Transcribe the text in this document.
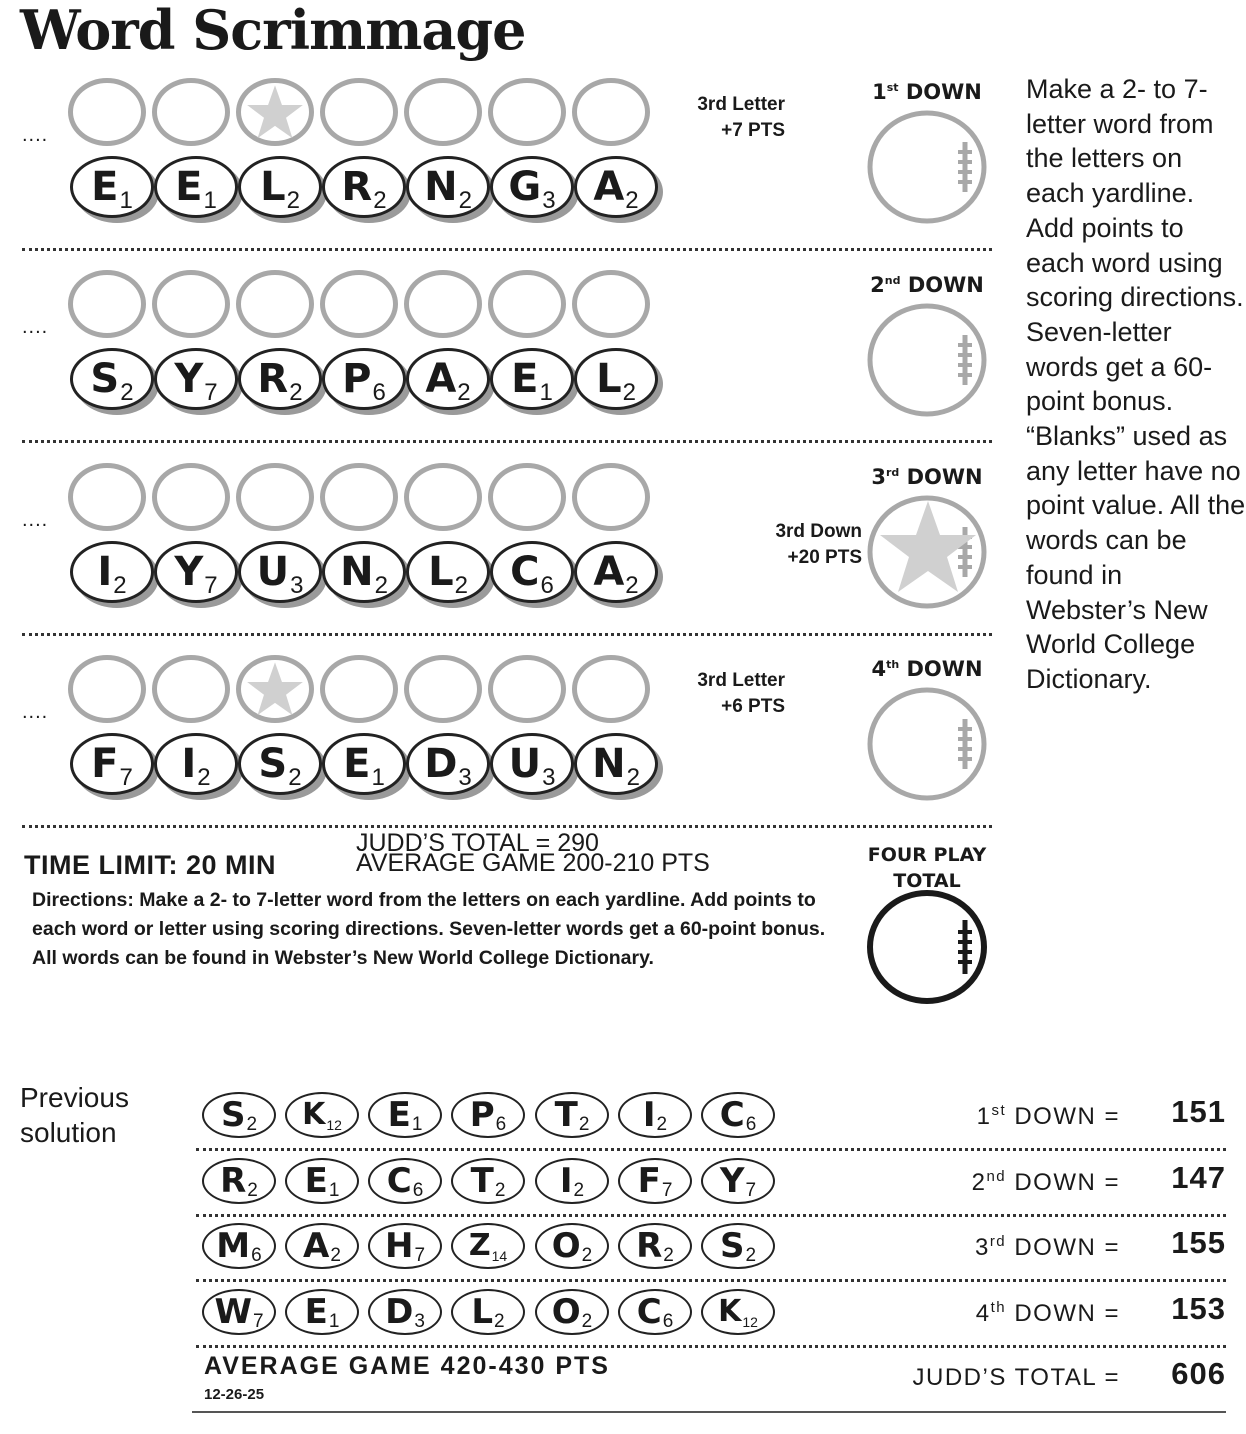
Word Scrimmage
....
E 1 E 1 L 2 R 2 N 2 G 3 A 2
3rd Letter
+7 PTS
1st DOWN
....
S 2 Y 7 R 2 P 6 A 2 E 1 L 2
2nd DOWN
....
I 2 Y 7 U 3 N 2 L 2 C 6 A 2
3rd Down
+20 PTS
3rd DOWN
....
F 7 I 2 S 2 E 1 D 3 U 3 N 2
3rd Letter
+6 PTS
4th DOWN
Make a 2- to 7-letter word from the letters on each yardline. Add points to each word using scoring directions. Seven-letter words get a 60-point bonus. “Blanks” used as any letter have no point value. All the words can be found in Webster’s New World College Dictionary.
TIME LIMIT: 20 MIN
JUDD’S TOTAL = 290
AVERAGE GAME 200-210 PTS
Directions: Make a 2- to 7-letter word from the letters on each yardline. Add points to each word or letter using scoring directions. Seven-letter words get a 60-point bonus. All words can be found in Webster’s New World College Dictionary.
FOUR PLAY
TOTAL
Previous
solution	S 2 K 12 E 1 P 6 T 2 I 2 C 6	1st DOWN =	151
R 2 E 1 C 6 T 2 I 2 F 7 Y 7	2nd DOWN =	147
M 6 A 2 H 7 Z 14 O 2 R 2 S 2	3rd DOWN =	155
W 7 E 1 D 3 L 2 O 2 C 6 K 12	4th DOWN =	153
AVERAGE GAME 420-430 PTS
12-26-25
JUDD’S TOTAL =	606
